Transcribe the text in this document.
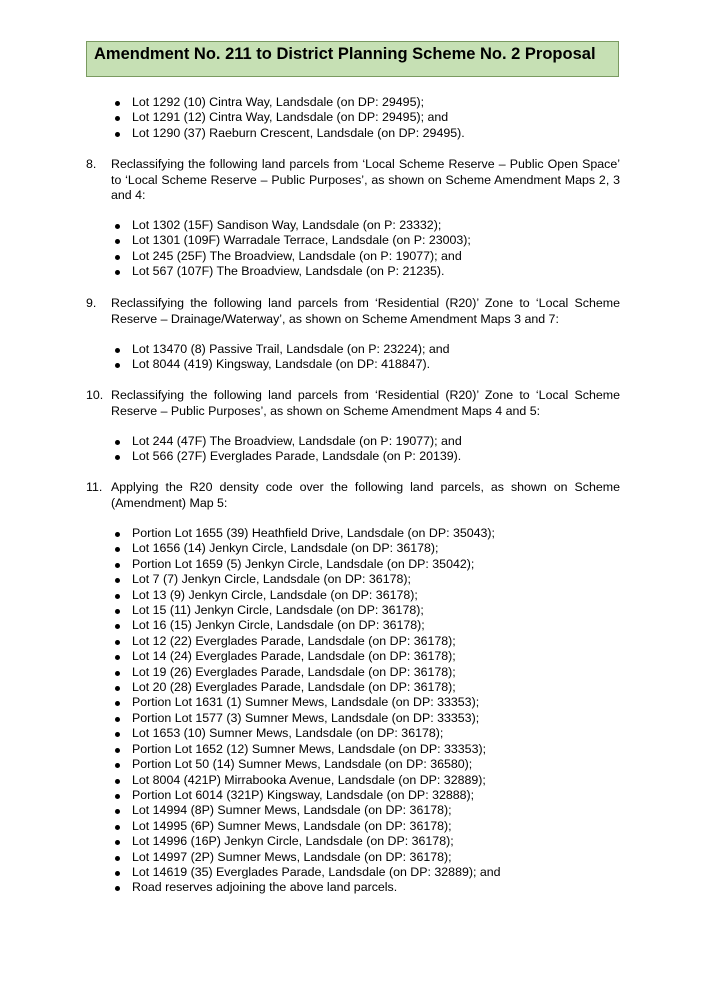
Amendment No. 211 to District Planning Scheme No. 2 Proposal
Lot 1292 (10) Cintra Way, Landsdale (on DP: 29495);
Lot 1291 (12) Cintra Way, Landsdale (on DP: 29495); and
Lot 1290 (37) Raeburn Crescent, Landsdale (on DP: 29495).
8. Reclassifying the following land parcels from ‘Local Scheme Reserve – Public Open Space’ to ‘Local Scheme Reserve – Public Purposes’, as shown on Scheme Amendment Maps 2, 3 and 4:
Lot 1302 (15F) Sandison Way, Landsdale (on P: 23332);
Lot 1301 (109F) Warradale Terrace, Landsdale (on P: 23003);
Lot 245 (25F) The Broadview, Landsdale (on P: 19077); and
Lot 567 (107F) The Broadview, Landsdale (on P: 21235).
9. Reclassifying the following land parcels from ‘Residential (R20)’ Zone to ‘Local Scheme Reserve – Drainage/Waterway’, as shown on Scheme Amendment Maps 3 and 7:
Lot 13470 (8) Passive Trail, Landsdale (on P: 23224); and
Lot 8044 (419) Kingsway, Landsdale (on DP: 418847).
10. Reclassifying the following land parcels from ‘Residential (R20)’ Zone to ‘Local Scheme Reserve – Public Purposes’, as shown on Scheme Amendment Maps 4 and 5:
Lot 244 (47F) The Broadview, Landsdale (on P: 19077); and
Lot 566 (27F) Everglades Parade, Landsdale (on P: 20139).
11. Applying the R20 density code over the following land parcels, as shown on Scheme (Amendment) Map 5:
Portion Lot 1655 (39) Heathfield Drive, Landsdale (on DP: 35043);
Lot 1656 (14) Jenkyn Circle, Landsdale (on DP: 36178);
Portion Lot 1659 (5) Jenkyn Circle, Landsdale (on DP: 35042);
Lot 7 (7) Jenkyn Circle, Landsdale (on DP: 36178);
Lot 13 (9) Jenkyn Circle, Landsdale (on DP: 36178);
Lot 15 (11) Jenkyn Circle, Landsdale (on DP: 36178);
Lot 16 (15) Jenkyn Circle, Landsdale (on DP: 36178);
Lot 12 (22) Everglades Parade, Landsdale (on DP: 36178);
Lot 14 (24) Everglades Parade, Landsdale (on DP: 36178);
Lot 19 (26) Everglades Parade, Landsdale (on DP: 36178);
Lot 20 (28) Everglades Parade, Landsdale (on DP: 36178);
Portion Lot 1631 (1) Sumner Mews, Landsdale (on DP: 33353);
Portion Lot 1577 (3) Sumner Mews, Landsdale (on DP: 33353);
Lot 1653 (10) Sumner Mews, Landsdale (on DP: 36178);
Portion Lot 1652 (12) Sumner Mews, Landsdale (on DP: 33353);
Portion Lot 50 (14) Sumner Mews, Landsdale (on DP: 36580);
Lot 8004 (421P) Mirrabooka Avenue, Landsdale (on DP: 32889);
Portion Lot 6014 (321P) Kingsway, Landsdale (on DP: 32888);
Lot 14994 (8P) Sumner Mews, Landsdale (on DP: 36178);
Lot 14995 (6P) Sumner Mews, Landsdale (on DP: 36178);
Lot 14996 (16P) Jenkyn Circle, Landsdale (on DP: 36178);
Lot 14997 (2P) Sumner Mews, Landsdale (on DP: 36178);
Lot 14619 (35) Everglades Parade, Landsdale (on DP: 32889); and
Road reserves adjoining the above land parcels.
